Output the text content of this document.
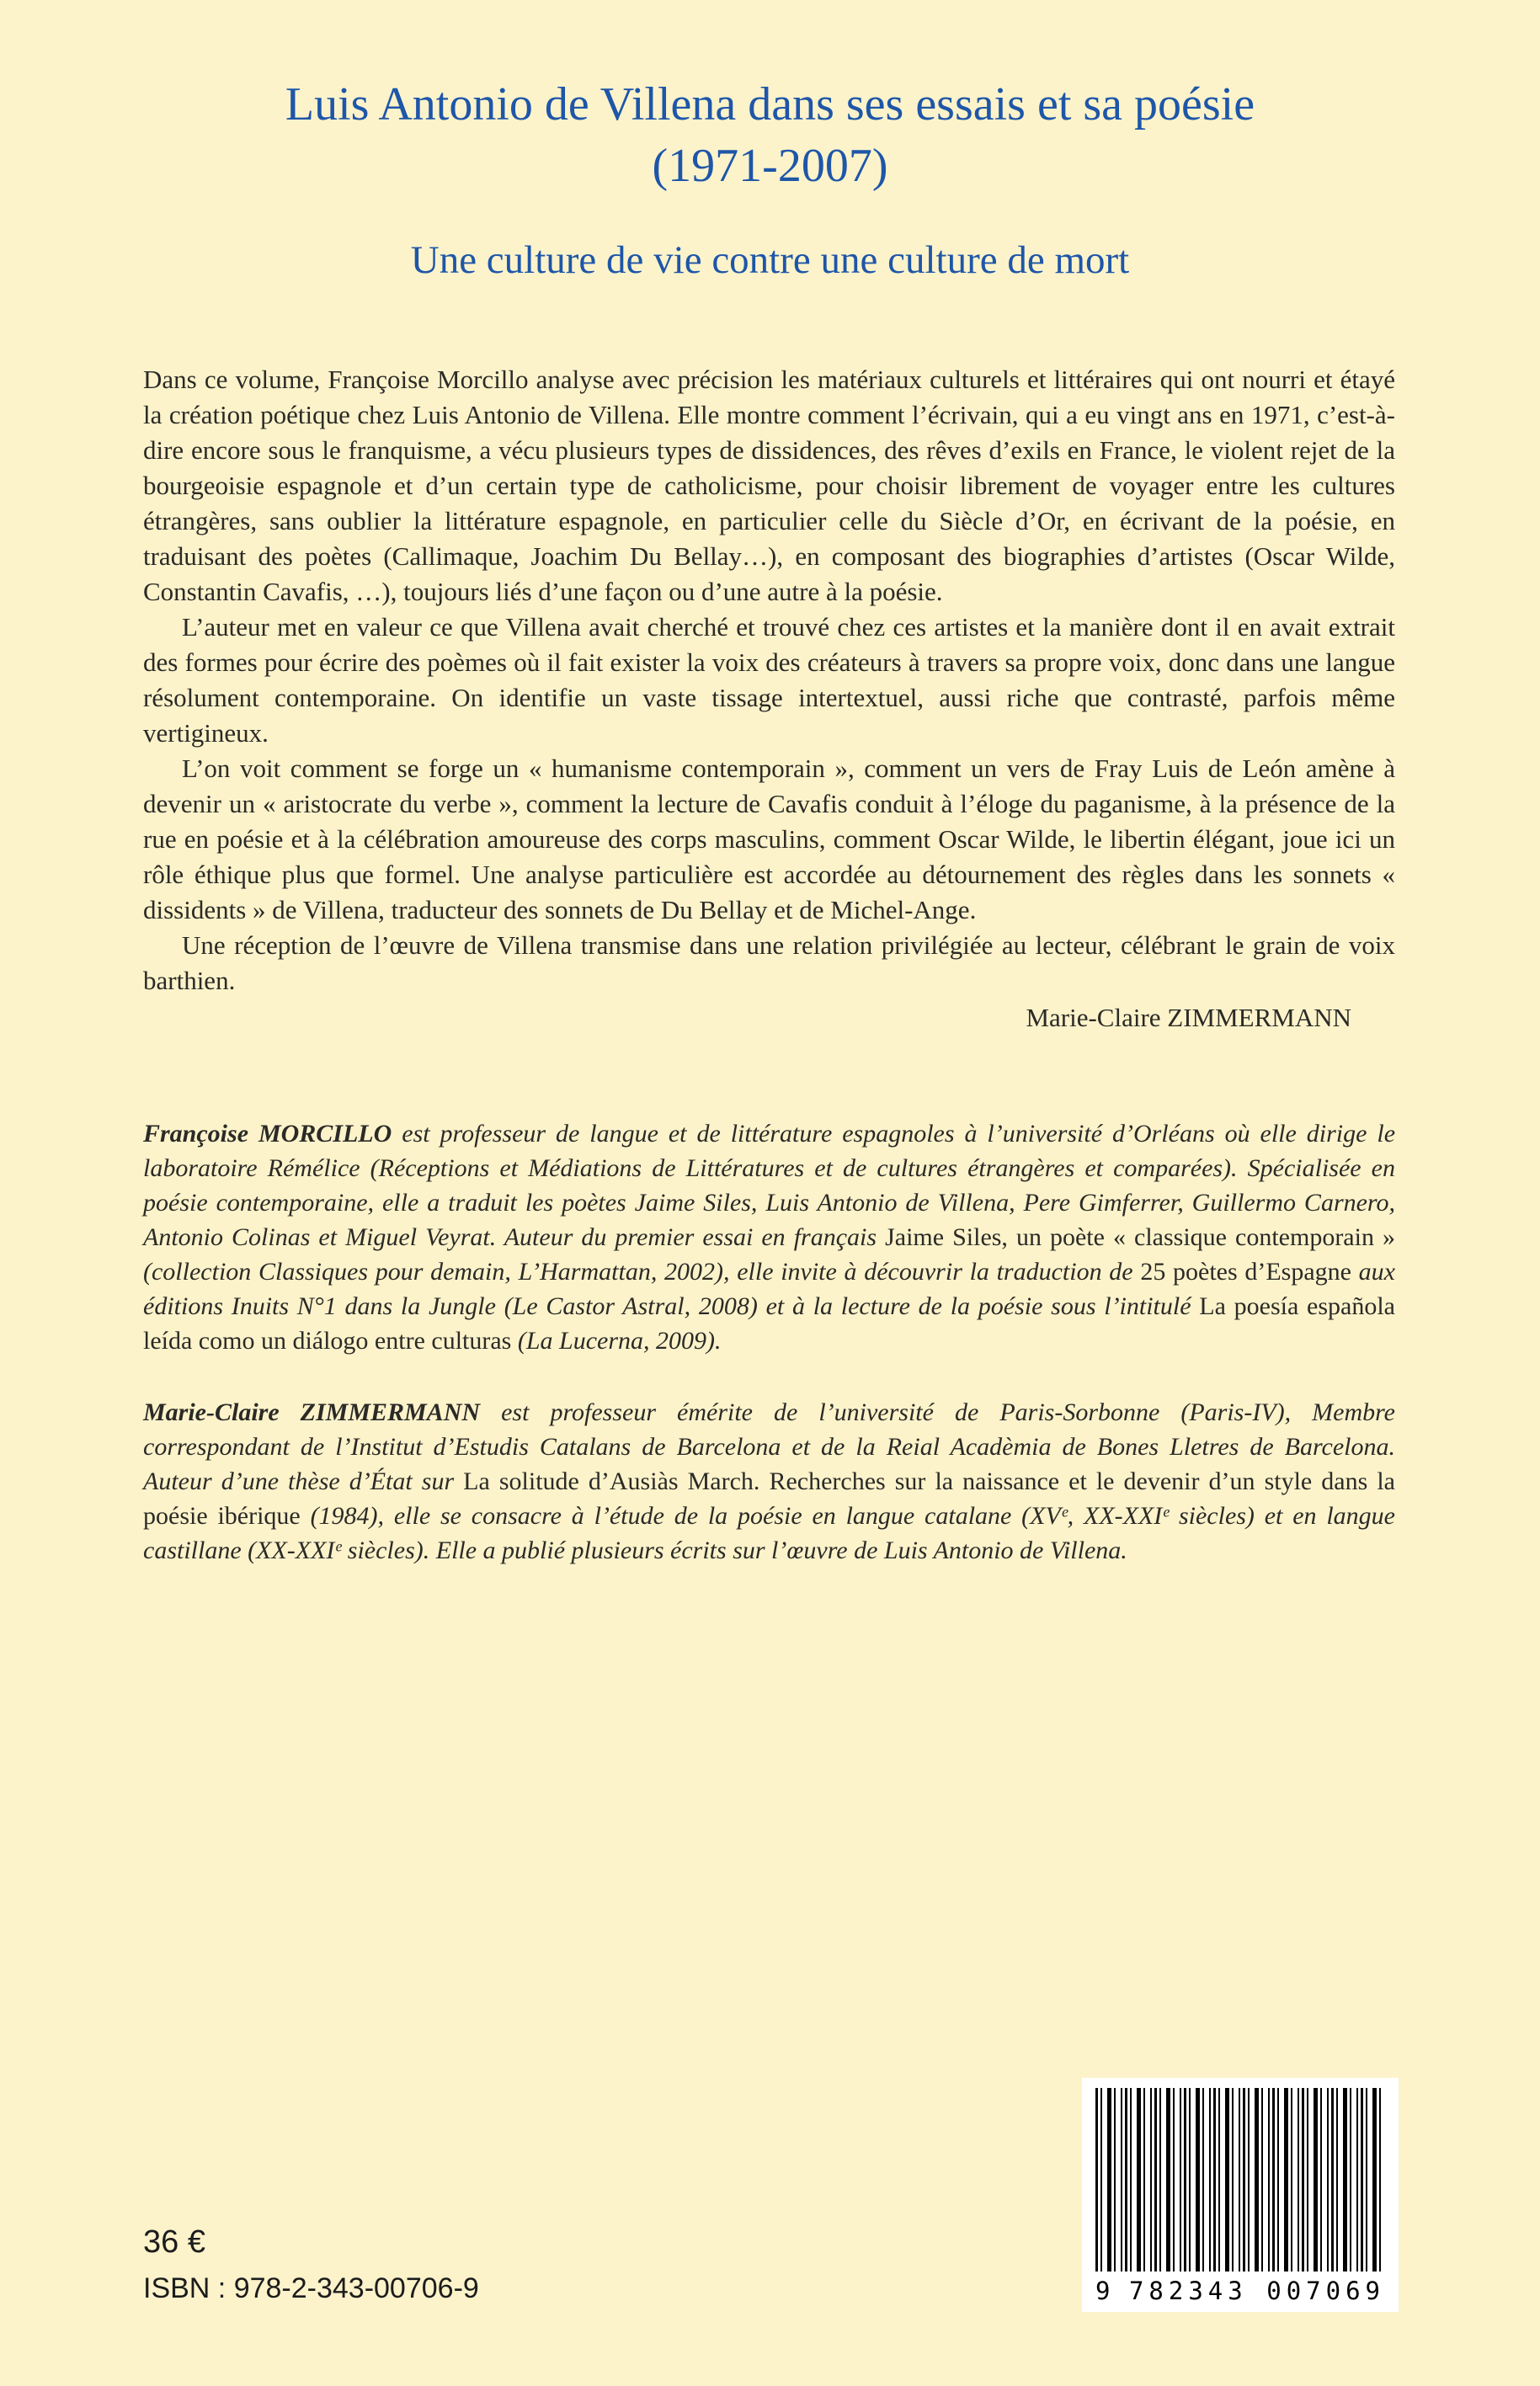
Luis Antonio de Villena dans ses essais et sa poésie
(1971-2007)
Une culture de vie contre une culture de mort

Dans ce volume, Françoise Morcillo analyse avec précision les matériaux culturels et littéraires qui ont nourri et étayé la création poétique chez Luis Antonio de Villena. Elle montre comment l’écrivain, qui a eu vingt ans en 1971, c’est-à-dire encore sous le franquisme, a vécu plusieurs types de dissidences, des rêves d’exils en France, le violent rejet de la bourgeoisie espagnole et d’un certain type de catholicisme, pour choisir librement de voyager entre les cultures étrangères, sans oublier la littérature espagnole, en particulier celle du Siècle d’Or, en écrivant de la poésie, en traduisant des poètes (Callimaque, Joachim Du Bellay…), en composant des biographies d’artistes (Oscar Wilde, Constantin Cavafis, …), toujours liés d’une façon ou d’une autre à la poésie.

L’auteur met en valeur ce que Villena avait cherché et trouvé chez ces artistes et la manière dont il en avait extrait des formes pour écrire des poèmes où il fait exister la voix des créateurs à travers sa propre voix, donc dans une langue résolument contemporaine. On identifie un vaste tissage intertextuel, aussi riche que contrasté, parfois même vertigineux.

L’on voit comment se forge un « humanisme contemporain », comment un vers de Fray Luis de León amène à devenir un « aristocrate du verbe », comment la lecture de Cavafis conduit à l’éloge du paganisme, à la présence de la rue en poésie et à la célébration amoureuse des corps masculins, comment Oscar Wilde, le libertin élégant, joue ici un rôle éthique plus que formel. Une analyse particulière est accordée au détournement des règles dans les sonnets « dissidents » de Villena, traducteur des sonnets de Du Bellay et de Michel-Ange.

Une réception de l’œuvre de Villena transmise dans une relation privilégiée au lecteur, célébrant le grain de voix barthien.

Marie-Claire ZIMMERMANN

Françoise MORCILLO est professeur de langue et de littérature espagnoles à l’université d’Orléans où elle dirige le laboratoire Rémélice (Réceptions et Médiations de Littératures et de cultures étrangères et comparées). Spécialisée en poésie contemporaine, elle a traduit les poètes Jaime Siles, Luis Antonio de Villena, Pere Gimferrer, Guillermo Carnero, Antonio Colinas et Miguel Veyrat. Auteur du premier essai en français Jaime Siles, un poète « classique contemporain » (collection Classiques pour demain, L’Harmattan, 2002), elle invite à découvrir la traduction de 25 poètes d’Espagne aux éditions Inuits N°1 dans la Jungle (Le Castor Astral, 2008) et à la lecture de la poésie sous l’intitulé La poesía española leída como un diálogo entre culturas (La Lucerna, 2009).

Marie-Claire ZIMMERMANN est professeur émérite de l’université de Paris-Sorbonne (Paris-IV), Membre correspondant de l’Institut d’Estudis Catalans de Barcelona et de la Reial Acadèmia de Bones Lletres de Barcelona. Auteur d’une thèse d’État sur La solitude d’Ausiàs March. Recherches sur la naissance et le devenir d’un style dans la poésie ibérique (1984), elle se consacre à l’étude de la poésie en langue catalane (XVᵉ, XX-XXIᵉ siècles) et en langue castillane (XX-XXIᵉ siècles). Elle a publié plusieurs écrits sur l’œuvre de Luis Antonio de Villena.

36 €

ISBN : 978-2-343-00706-9	9 782343 007069
